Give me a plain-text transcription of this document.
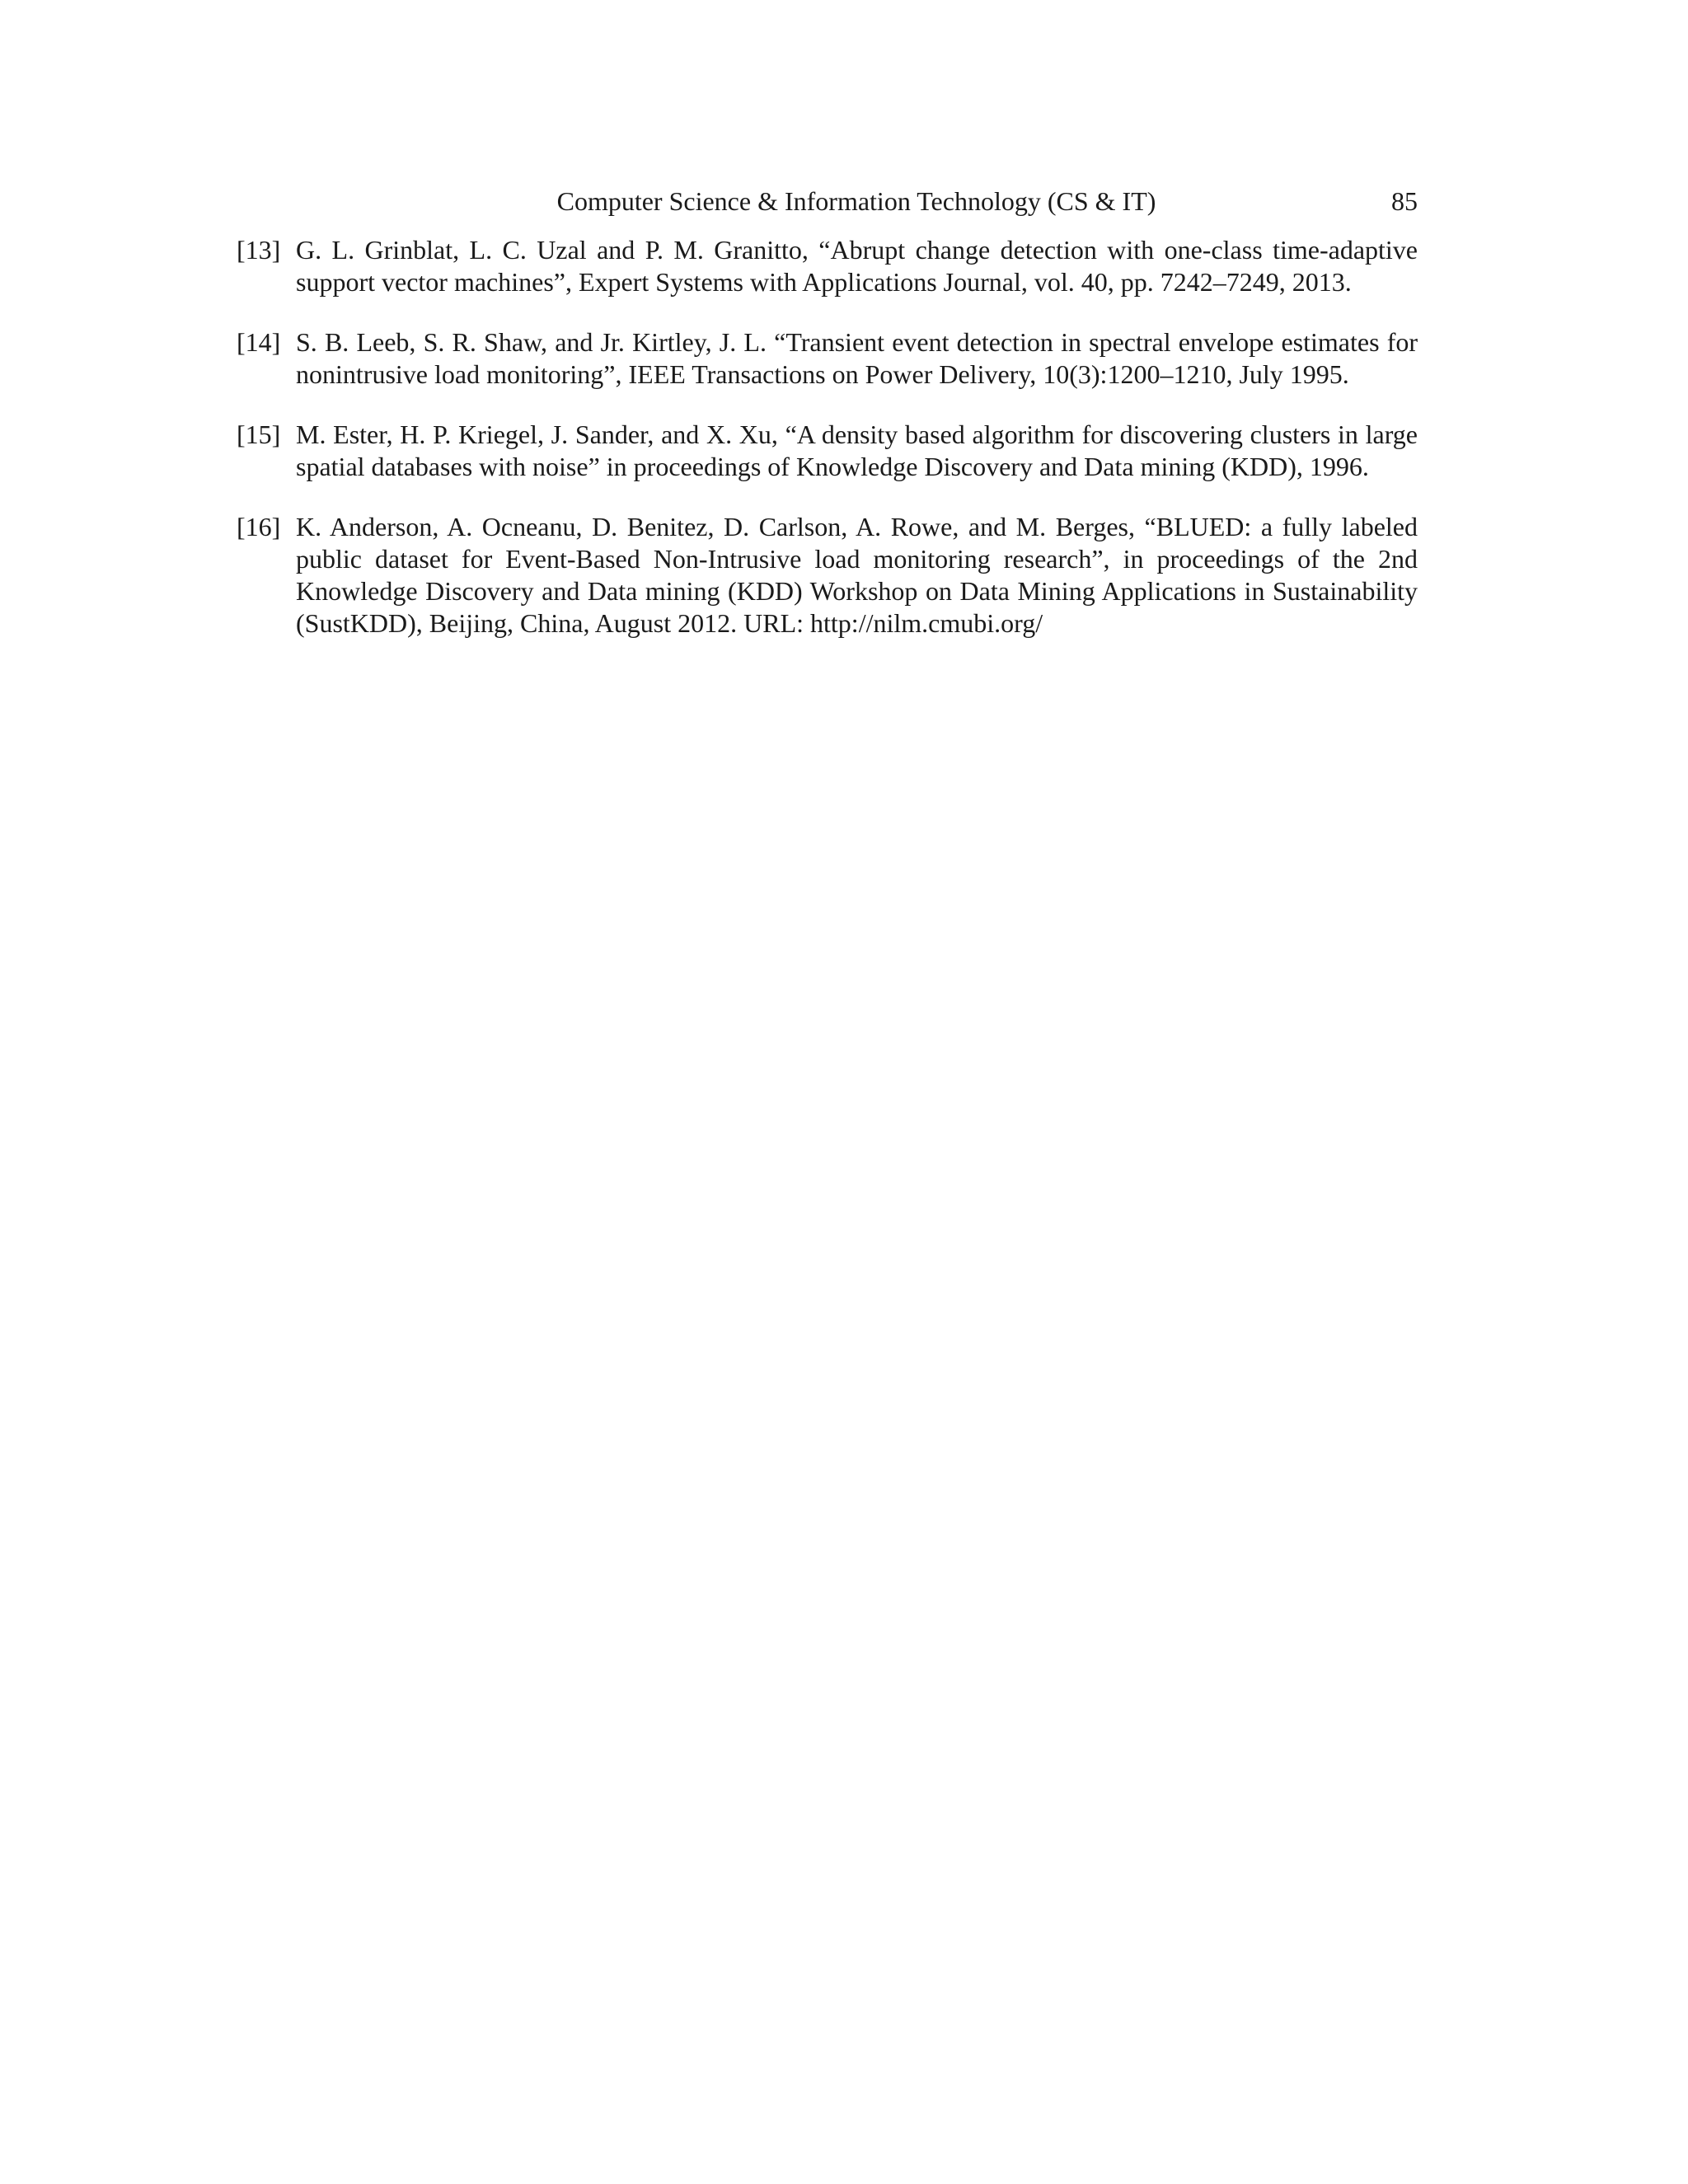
Computer Science & Information Technology (CS & IT)	85
[13] G. L. Grinblat, L. C. Uzal and P. M. Granitto, “Abrupt change detection with one-class time-adaptive support vector machines”, Expert Systems with Applications Journal, vol. 40, pp. 7242–7249, 2013.
[14] S. B. Leeb, S. R. Shaw, and Jr. Kirtley, J. L. “Transient event detection in spectral envelope estimates for nonintrusive load monitoring”, IEEE Transactions on Power Delivery, 10(3):1200–1210, July 1995.
[15] M. Ester, H. P. Kriegel, J. Sander, and X. Xu, “A density based algorithm for discovering clusters in large spatial databases with noise” in proceedings of Knowledge Discovery and Data mining (KDD), 1996.
[16] K. Anderson, A. Ocneanu, D. Benitez, D. Carlson, A. Rowe, and M. Berges, “BLUED: a fully labeled public dataset for Event-Based Non-Intrusive load monitoring research”, in proceedings of the 2nd Knowledge Discovery and Data mining (KDD) Workshop on Data Mining Applications in Sustainability (SustKDD), Beijing, China, August 2012. URL: http://nilm.cmubi.org/
